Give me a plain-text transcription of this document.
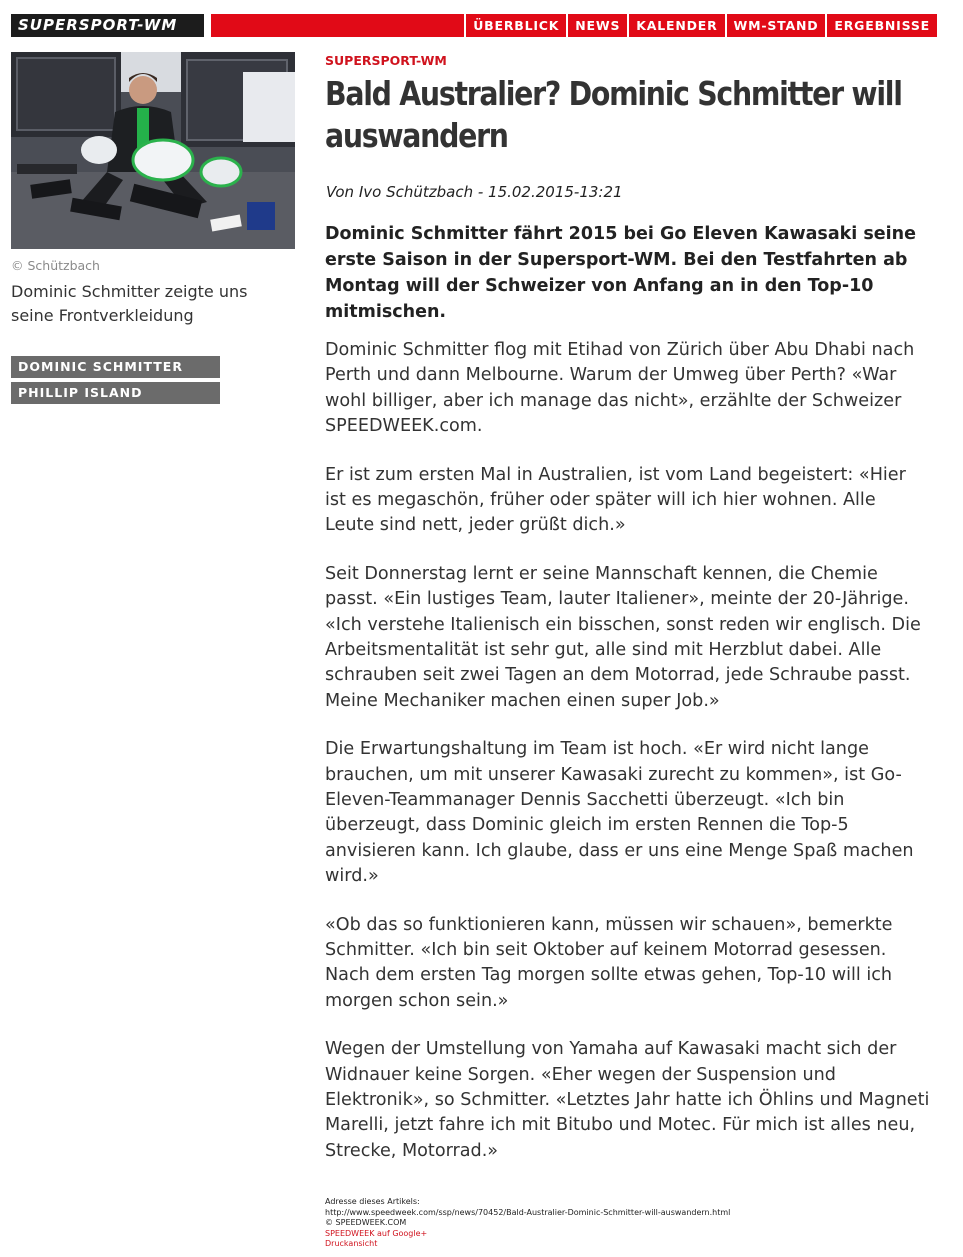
SUPERSPORT-WM	ÜBERBLICK	NEWS	KALENDER	WM-STAND	ERGEBNISSE
© Schützbach
Dominic Schmitter zeigte uns seine Frontverkleidung
DOMINIC SCHMITTER
PHILLIP ISLAND
SUPERSPORT-WM
Bald Australier? Dominic Schmitter will auswandern
Von Ivo Schützbach - 15.02.2015-13:21
Dominic Schmitter fährt 2015 bei Go Eleven Kawasaki seine erste Saison in der Supersport-WM. Bei den Testfahrten ab Montag will der Schweizer von Anfang an in den Top-10 mitmischen.

Dominic Schmitter flog mit Etihad von Zürich über Abu Dhabi nach Perth und dann Melbourne. Warum der Umweg über Perth? «War wohl billiger, aber ich manage das nicht», erzählte der Schweizer SPEEDWEEK.com.

Er ist zum ersten Mal in Australien, ist vom Land begeistert: «Hier ist es megaschön, früher oder später will ich hier wohnen. Alle Leute sind nett, jeder grüßt dich.»

Seit Donnerstag lernt er seine Mannschaft kennen, die Chemie passt. «Ein lustiges Team, lauter Italiener», meinte der 20-Jährige. «Ich verstehe Italienisch ein bisschen, sonst reden wir englisch. Die Arbeitsmentalität ist sehr gut, alle sind mit Herzblut dabei. Alle schrauben seit zwei Tagen an dem Motorrad, jede Schraube passt. Meine Mechaniker machen einen super Job.»

Die Erwartungshaltung im Team ist hoch. «Er wird nicht lange brauchen, um mit unserer Kawasaki zurecht zu kommen», ist Go-Eleven-Teammanager Dennis Sacchetti überzeugt. «Ich bin überzeugt, dass Dominic gleich im ersten Rennen die Top-5 anvisieren kann. Ich glaube, dass er uns eine Menge Spaß machen wird.»

«Ob das so funktionieren kann, müssen wir schauen», bemerkte Schmitter. «Ich bin seit Oktober auf keinem Motorrad gesessen. Nach dem ersten Tag morgen sollte etwas gehen, Top-10 will ich morgen schon sein.»

Wegen der Umstellung von Yamaha auf Kawasaki macht sich der Widnauer keine Sorgen. «Eher wegen der Suspension und Elektronik», so Schmitter. «Letztes Jahr hatte ich Öhlins und Magneti Marelli, jetzt fahre ich mit Bitubo und Motec. Für mich ist alles neu, Strecke, Motorrad.»

Adresse dieses Artikels:
http://www.speedweek.com/ssp/news/70452/Bald-Australier-Dominic-Schmitter-will-auswandern.html
© SPEEDWEEK.COM
SPEEDWEEK auf Google+
Druckansicht
